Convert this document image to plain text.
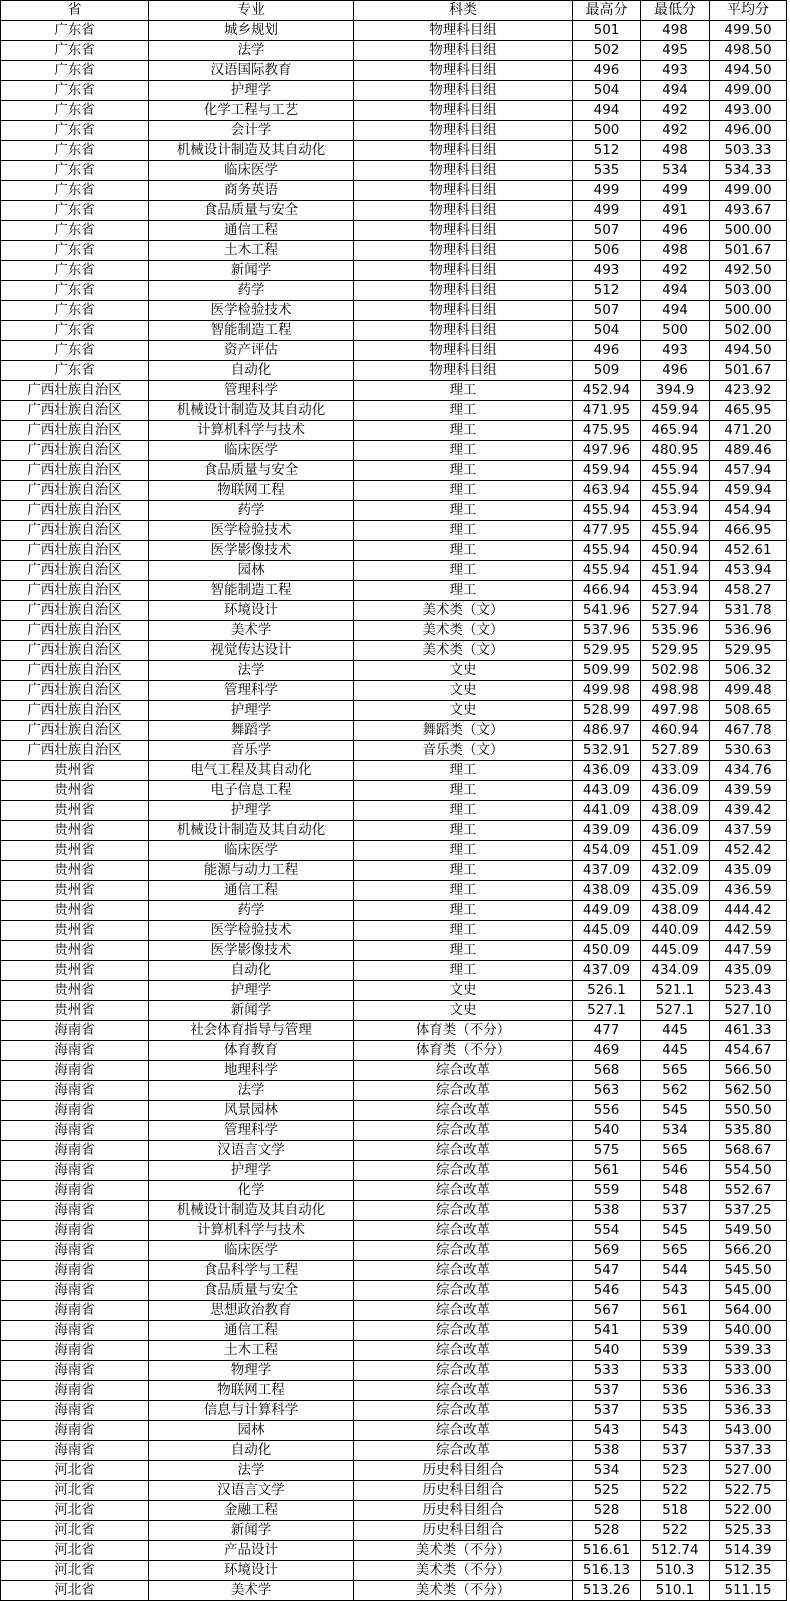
省	专业	科类	最高分	最低分	平均分
广东省	城乡规划	物理科目组	501	498	499.50
广东省	法学	物理科目组	502	495	498.50
广东省	汉语国际教育	物理科目组	496	493	494.50
广东省	护理学	物理科目组	504	494	499.00
广东省	化学工程与工艺	物理科目组	494	492	493.00
广东省	会计学	物理科目组	500	492	496.00
广东省	机械设计制造及其自动化	物理科目组	512	498	503.33
广东省	临床医学	物理科目组	535	534	534.33
广东省	商务英语	物理科目组	499	499	499.00
广东省	食品质量与安全	物理科目组	499	491	493.67
广东省	通信工程	物理科目组	507	496	500.00
广东省	土木工程	物理科目组	506	498	501.67
广东省	新闻学	物理科目组	493	492	492.50
广东省	药学	物理科目组	512	494	503.00
广东省	医学检验技术	物理科目组	507	494	500.00
广东省	智能制造工程	物理科目组	504	500	502.00
广东省	资产评估	物理科目组	496	493	494.50
广东省	自动化	物理科目组	509	496	501.67
广西壮族自治区	管理科学	理工	452.94	394.9	423.92
广西壮族自治区	机械设计制造及其自动化	理工	471.95	459.94	465.95
广西壮族自治区	计算机科学与技术	理工	475.95	465.94	471.20
广西壮族自治区	临床医学	理工	497.96	480.95	489.46
广西壮族自治区	食品质量与安全	理工	459.94	455.94	457.94
广西壮族自治区	物联网工程	理工	463.94	455.94	459.94
广西壮族自治区	药学	理工	455.94	453.94	454.94
广西壮族自治区	医学检验技术	理工	477.95	455.94	466.95
广西壮族自治区	医学影像技术	理工	455.94	450.94	452.61
广西壮族自治区	园林	理工	455.94	451.94	453.94
广西壮族自治区	智能制造工程	理工	466.94	453.94	458.27
广西壮族自治区	环境设计	美术类（文）	541.96	527.94	531.78
广西壮族自治区	美术学	美术类（文）	537.96	535.96	536.96
广西壮族自治区	视觉传达设计	美术类（文）	529.95	529.95	529.95
广西壮族自治区	法学	文史	509.99	502.98	506.32
广西壮族自治区	管理科学	文史	499.98	498.98	499.48
广西壮族自治区	护理学	文史	528.99	497.98	508.65
广西壮族自治区	舞蹈学	舞蹈类（文）	486.97	460.94	467.78
广西壮族自治区	音乐学	音乐类（文）	532.91	527.89	530.63
贵州省	电气工程及其自动化	理工	436.09	433.09	434.76
贵州省	电子信息工程	理工	443.09	436.09	439.59
贵州省	护理学	理工	441.09	438.09	439.42
贵州省	机械设计制造及其自动化	理工	439.09	436.09	437.59
贵州省	临床医学	理工	454.09	451.09	452.42
贵州省	能源与动力工程	理工	437.09	432.09	435.09
贵州省	通信工程	理工	438.09	435.09	436.59
贵州省	药学	理工	449.09	438.09	444.42
贵州省	医学检验技术	理工	445.09	440.09	442.59
贵州省	医学影像技术	理工	450.09	445.09	447.59
贵州省	自动化	理工	437.09	434.09	435.09
贵州省	护理学	文史	526.1	521.1	523.43
贵州省	新闻学	文史	527.1	527.1	527.10
海南省	社会体育指导与管理	体育类（不分）	477	445	461.33
海南省	体育教育	体育类（不分）	469	445	454.67
海南省	地理科学	综合改革	568	565	566.50
海南省	法学	综合改革	563	562	562.50
海南省	风景园林	综合改革	556	545	550.50
海南省	管理科学	综合改革	540	534	535.80
海南省	汉语言文学	综合改革	575	565	568.67
海南省	护理学	综合改革	561	546	554.50
海南省	化学	综合改革	559	548	552.67
海南省	机械设计制造及其自动化	综合改革	538	537	537.25
海南省	计算机科学与技术	综合改革	554	545	549.50
海南省	临床医学	综合改革	569	565	566.20
海南省	食品科学与工程	综合改革	547	544	545.50
海南省	食品质量与安全	综合改革	546	543	545.00
海南省	思想政治教育	综合改革	567	561	564.00
海南省	通信工程	综合改革	541	539	540.00
海南省	土木工程	综合改革	540	539	539.33
海南省	物理学	综合改革	533	533	533.00
海南省	物联网工程	综合改革	537	536	536.33
海南省	信息与计算科学	综合改革	537	535	536.33
海南省	园林	综合改革	543	543	543.00
海南省	自动化	综合改革	538	537	537.33
河北省	法学	历史科目组合	534	523	527.00
河北省	汉语言文学	历史科目组合	525	522	522.75
河北省	金融工程	历史科目组合	528	518	522.00
河北省	新闻学	历史科目组合	528	522	525.33
河北省	产品设计	美术类（不分）	516.61	512.74	514.39
河北省	环境设计	美术类（不分）	516.13	510.3	512.35
河北省	美术学	美术类（不分）	513.26	510.1	511.15
